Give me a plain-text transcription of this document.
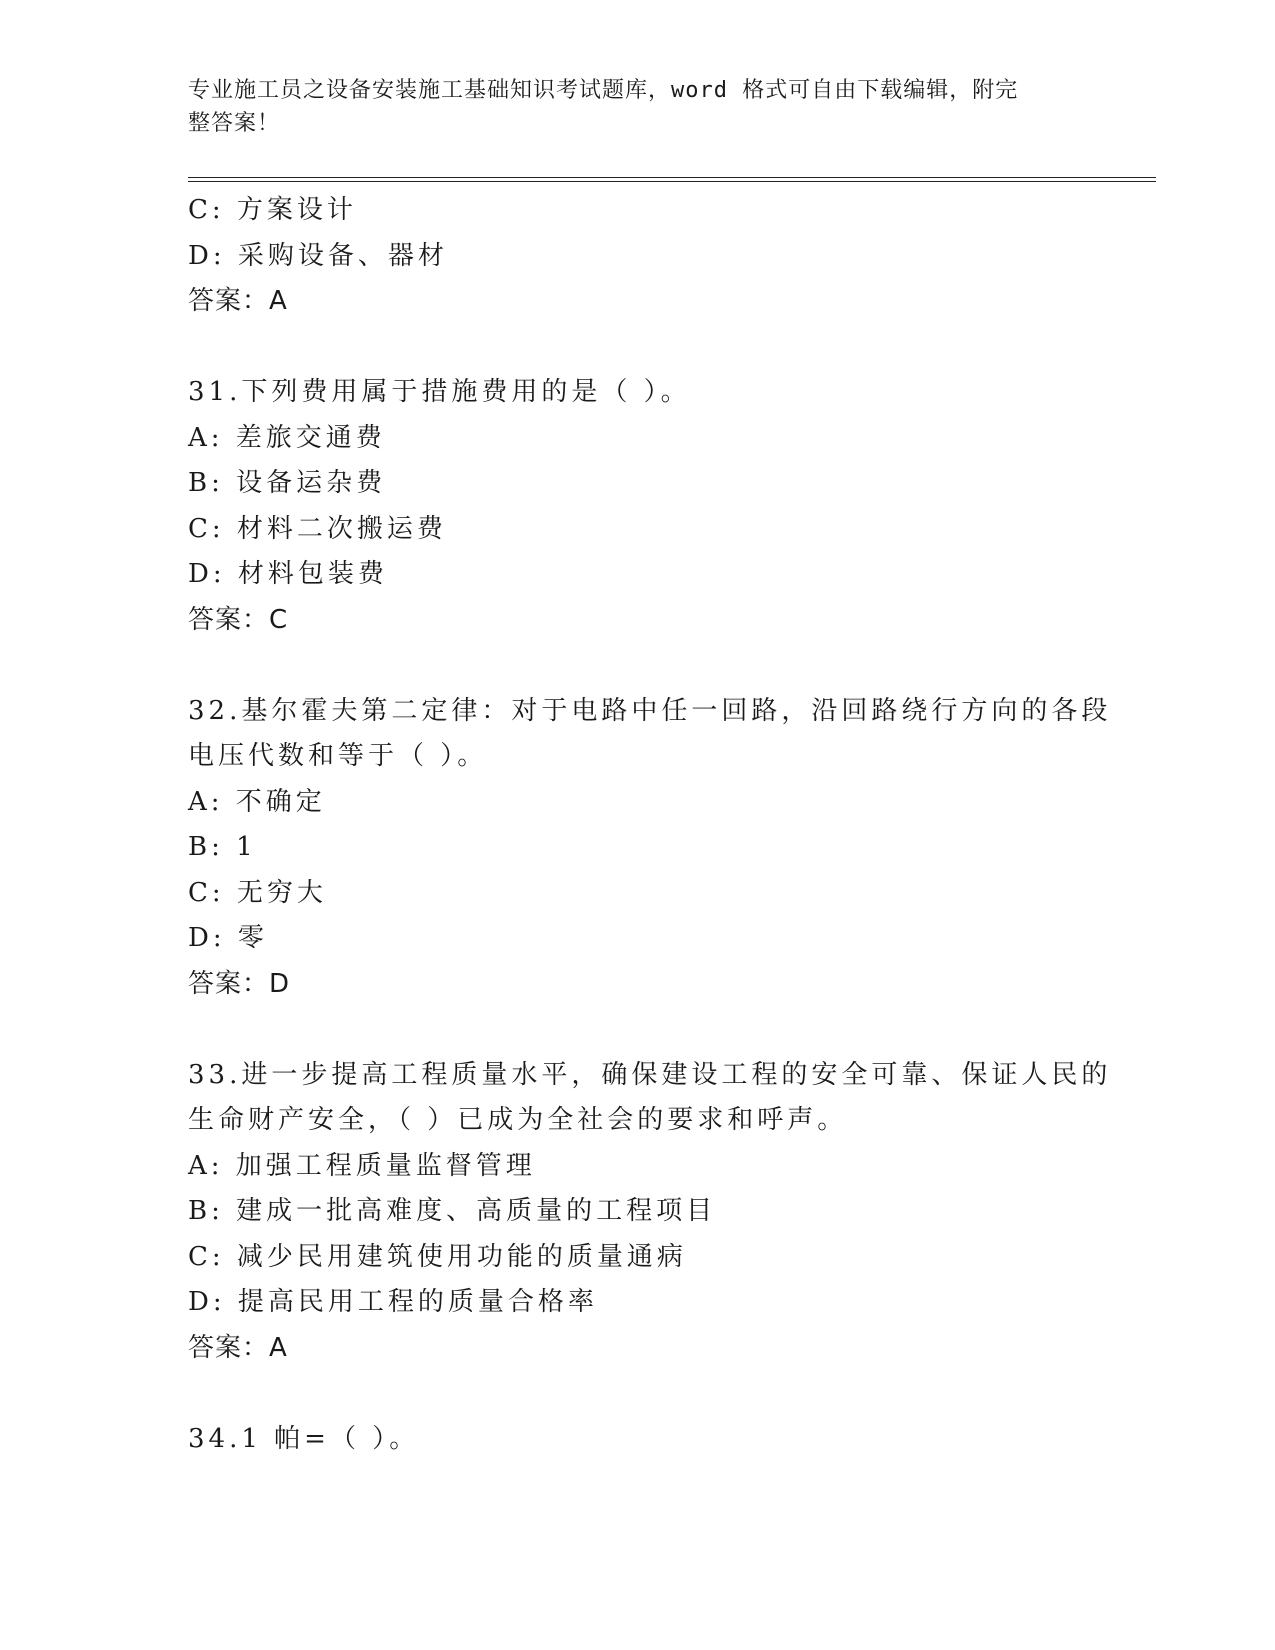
专业施工员之设备安装施工基础知识考试题库，word 格式可自由下载编辑，附完
整答案！
C: 方案设计
D: 采购设备、器材
答案：A
31.下列费用属于措施费用的是（ ）。
A: 差旅交通费
B: 设备运杂费
C: 材料二次搬运费
D: 材料包装费
答案：C
32.基尔霍夫第二定律：对于电路中任一回路，沿回路绕行方向的各段
电压代数和等于（ ）。
A: 不确定
B: 1
C: 无穷大
D: 零
答案：D
33.进一步提高工程质量水平，确保建设工程的安全可靠、保证人民的
生命财产安全，（ ）已成为全社会的要求和呼声。
A: 加强工程质量监督管理
B: 建成一批高难度、高质量的工程项目
C: 减少民用建筑使用功能的质量通病
D: 提高民用工程的质量合格率
答案：A
34.1 帕=（ ）。
